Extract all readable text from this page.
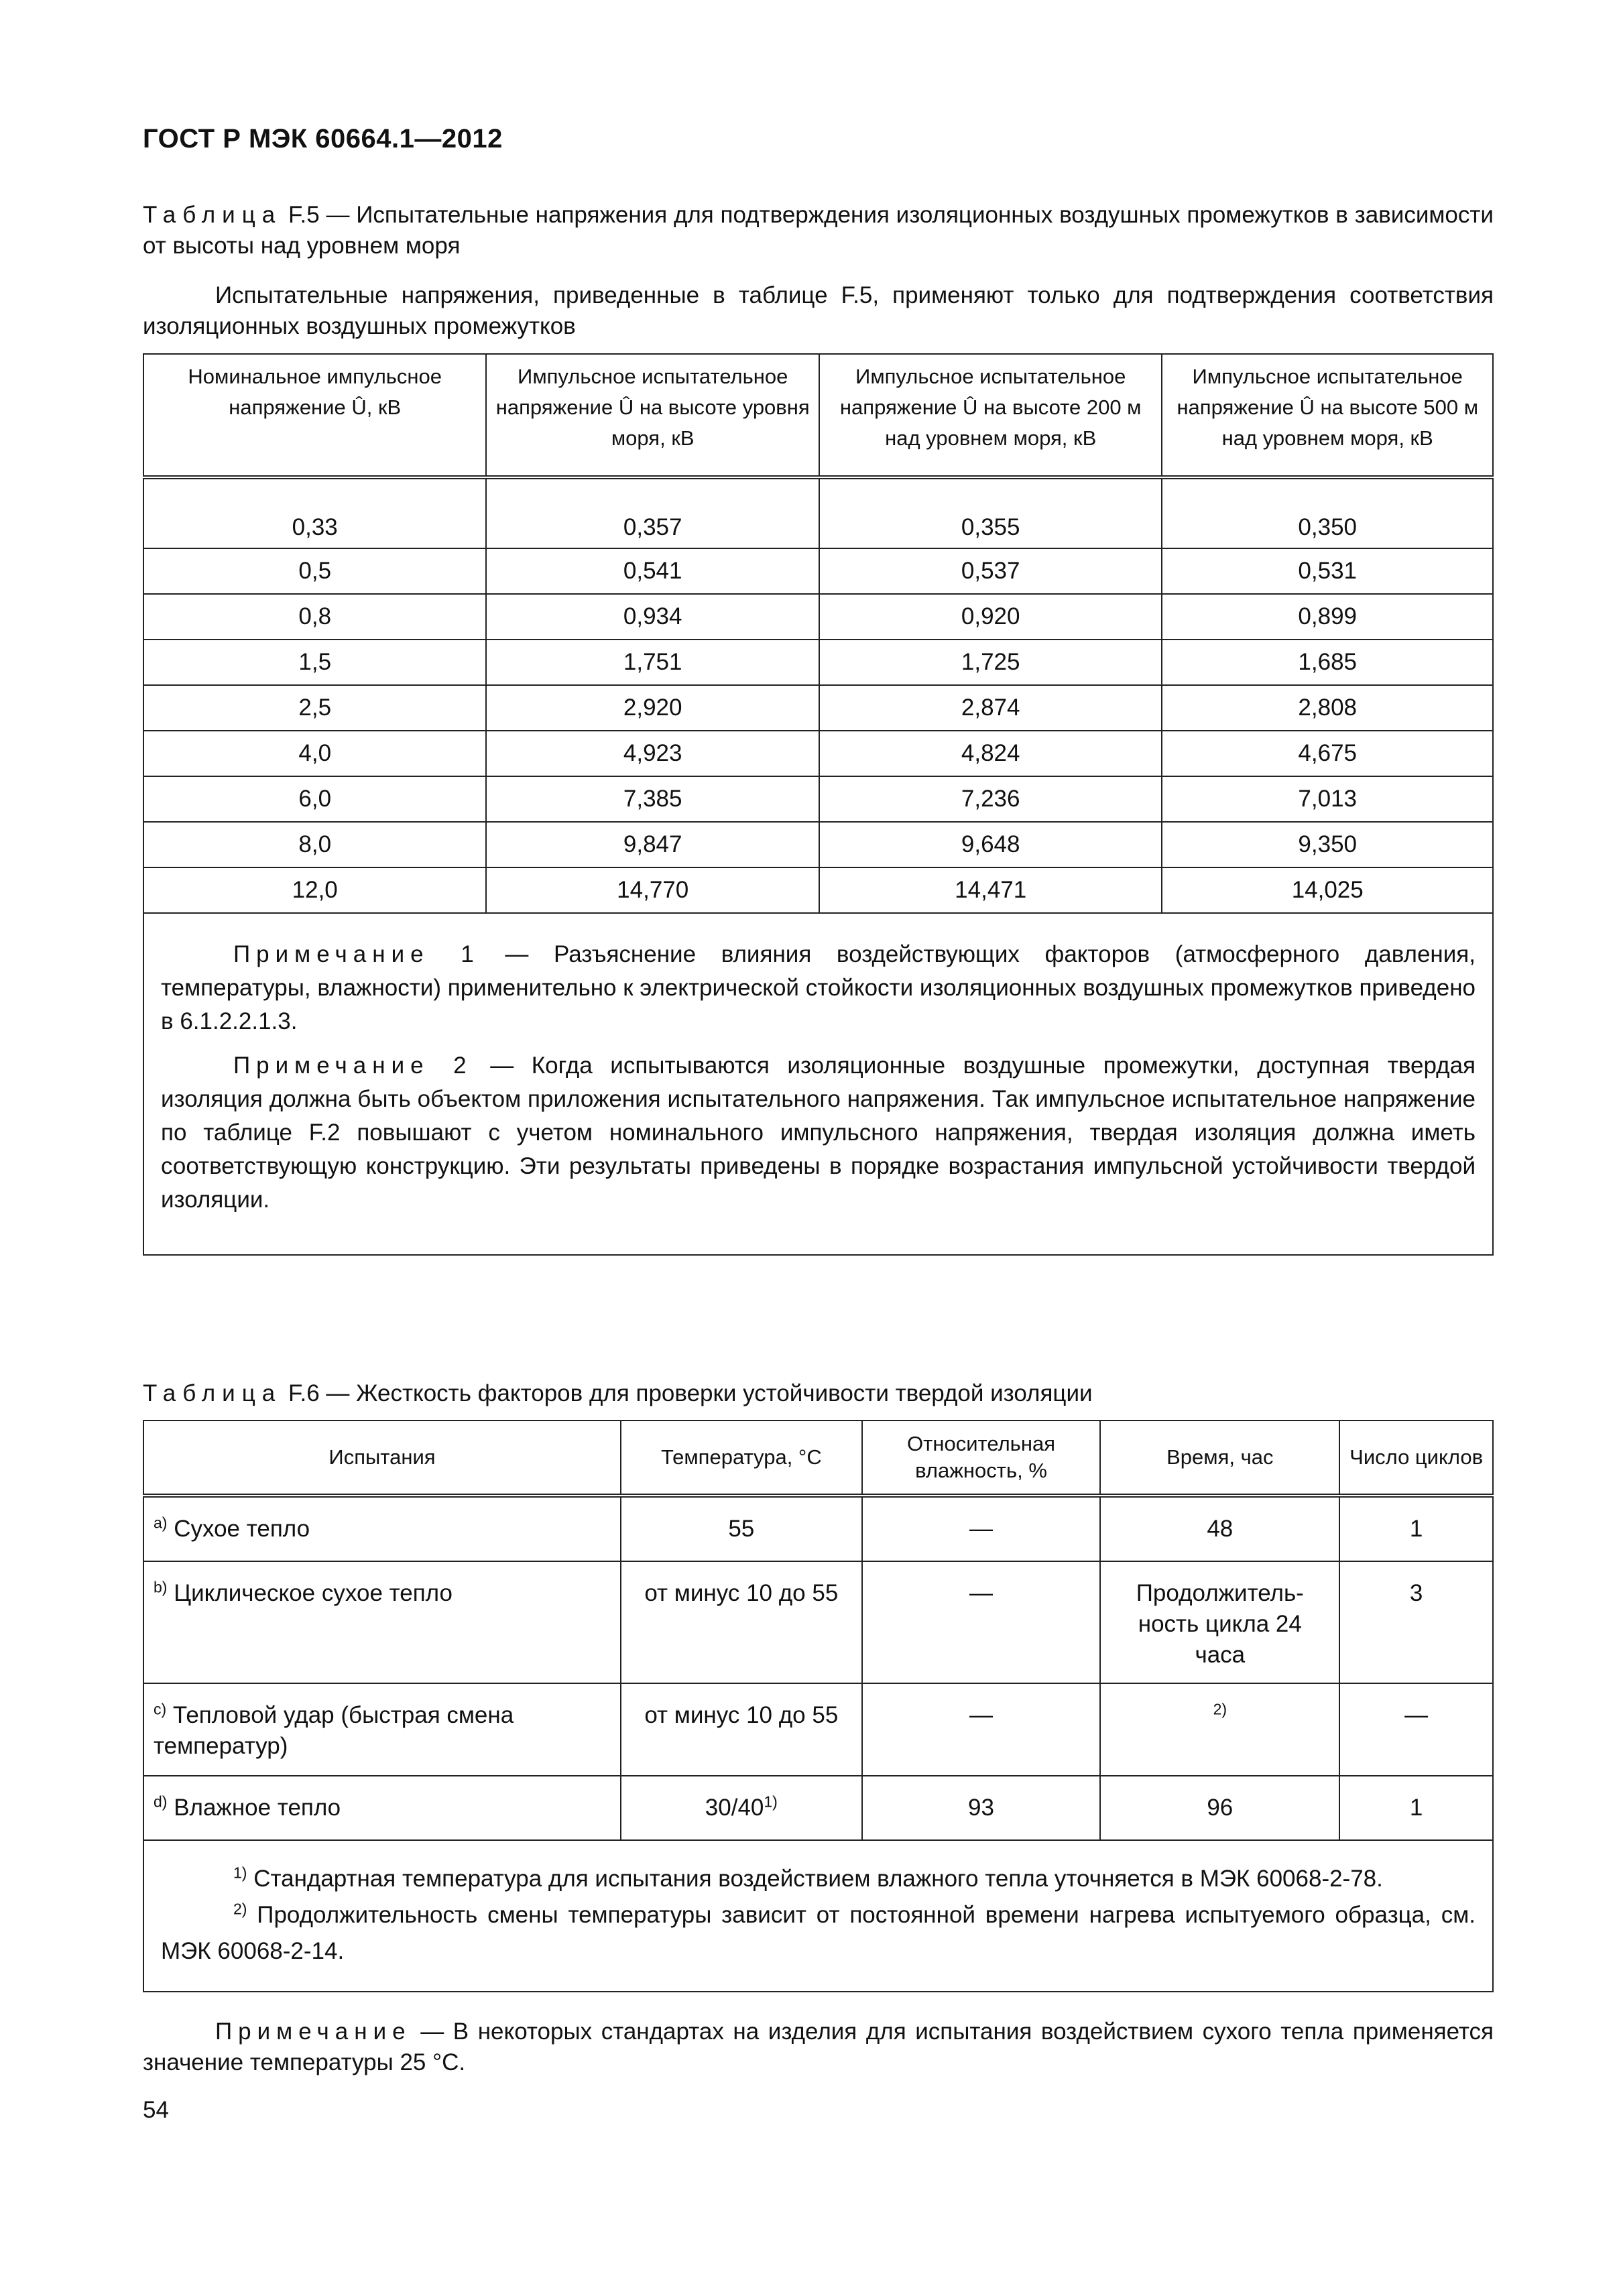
ГОСТ Р МЭК 60664.1—2012
Таблица F.5 — Испытательные напряжения для подтверждения изоляционных воздушных промежутков в зависимости от высоты над уровнем моря
Испытательные напряжения, приведенные в таблице F.5, применяют только для подтверждения соответствия изоляционных воздушных промежутков
Номинальное импульсное напряжение Û, кВ	Импульсное испытательное напряжение Û на высоте уровня моря, кВ	Импульсное испытательное напряжение Û на высоте 200 м над уровнем моря, кВ	Импульсное испытательное напряжение Û на высоте 500 м над уровнем моря, кВ
0,33	0,357	0,355	0,350
0,5	0,541	0,537	0,531
0,8	0,934	0,920	0,899
1,5	1,751	1,725	1,685
2,5	2,920	2,874	2,808
4,0	4,923	4,824	4,675
6,0	7,385	7,236	7,013
8,0	9,847	9,648	9,350
12,0	14,770	14,471	14,025

Примечание 1 — Разъяснение влияния воздействующих факторов (атмосферного давления, температуры, влажности) применительно к электрической стойкости изоляционных воздушных промежутков приведено в 6.1.2.2.1.3.

Примечание 2 — Когда испытываются изоляционные воздушные промежутки, доступная твердая изоляция должна быть объектом приложения испытательного напряжения. Так импульсное испытательное напряжение по таблице F.2 повышают с учетом номинального импульсного напряжения, твердая изоляция должна иметь соответствующую конструкцию. Эти результаты приведены в порядке возрастания импульсной устойчивости твердой изоляции.			

Таблица F.6 — Жесткость факторов для проверки устойчивости твердой изоляции
Испытания	Температура, °С	Относительная влажность, %	Время, час	Число циклов
$^{a)}$ Сухое тепло	55	—	48	1
$^{b)}$ Циклическое сухое тепло	от минус 10 до 55	—	Продолжитель-ность цикла 24 часа	3
$^{c)}$ Тепловой удар (быстрая смена температур)	от минус 10 до 55	—	$^{2)}$	—
$^{d)}$ Влажное тепло	30/40$^{1)}$	93	96	1

$^{1)}$ Стандартная температура для испытания воздействием влажного тепла уточняется в МЭК 60068-2-78.

$^{2)}$ Продолжительность смены температуры зависит от постоянной времени нагрева испытуемого образца, см. МЭК 60068-2-14.				

Примечание — В некоторых стандартах на изделия для испытания воздействием сухого тепла применяется значение температуры 25 °С.
54
